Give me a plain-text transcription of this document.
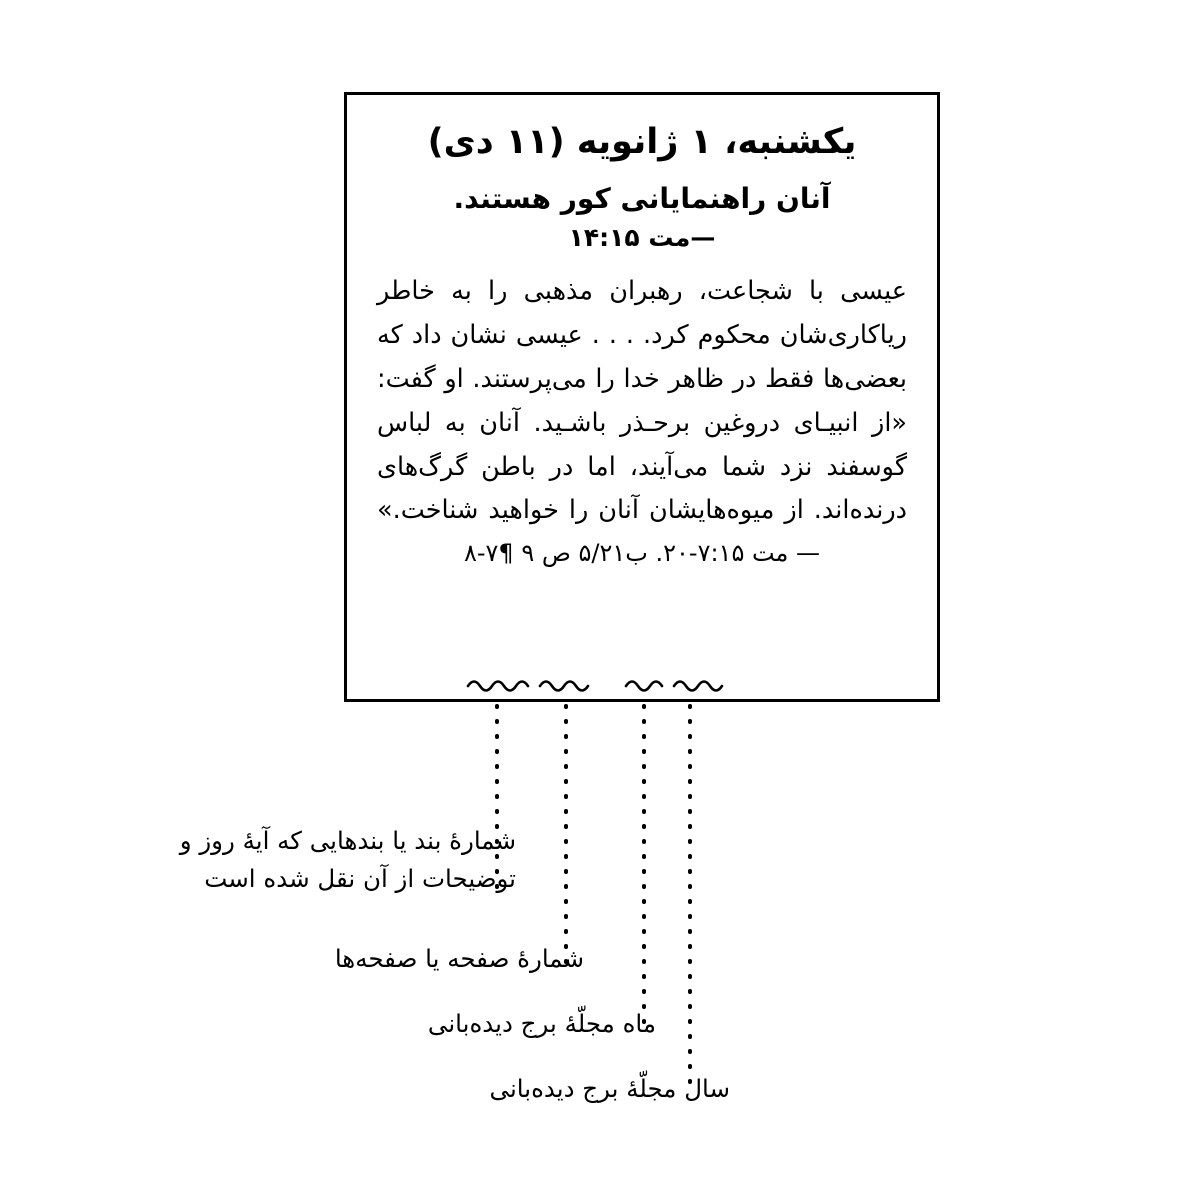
یکشنبه، ۱ ژانویه (۱۱ دی)
آنان راهنمایانی کور هستند.
—مت ۱۴:۱۵
عیسی با شجاعت، رهبران مذهبی را به خاطر ریاکاری‌شان محکوم کرد. . . . عیسی نشان داد که بعضی‌ها فقط در ظاهر خدا را می‌پرستند. او گفت: «از انبیـای دروغین برحـذر باشـید. آنان به لباس گوسفند نزد شما می‌آیند، اما در باطن گرگ‌های درنده‌اند. از میوه‌هایشان آنان را خواهید شناخت.»
— مت ۷:۱۵-۲۰. ب۵/۲۱ ص ۹ ¶۷-۸
شمارۀ بند یا بندهایی که آیۀ روز و توضیحات از آن نقل شده است
شمارۀ صفحه یا صفحه‌ها
ماه مجلّۀ برج دیده‌بانی
سال مجلّۀ برج دیده‌بانی
